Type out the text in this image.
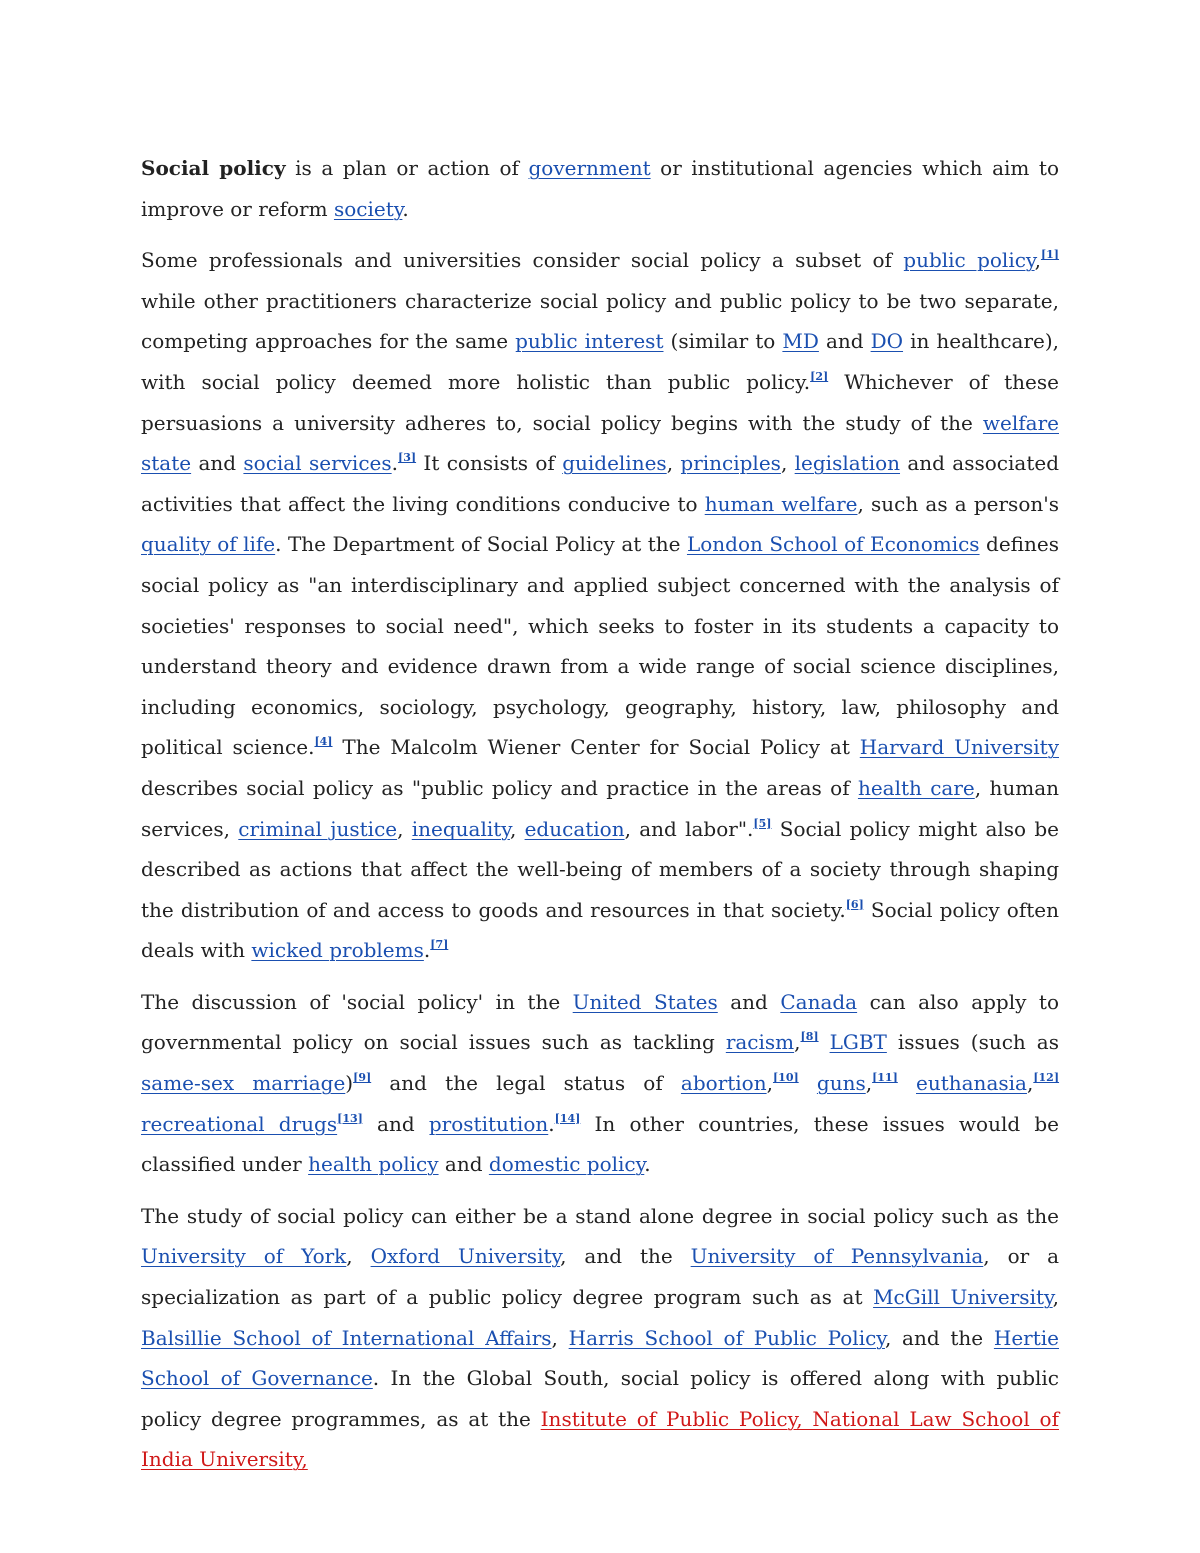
Social policy is a plan or action of government or institutional agencies which aim to improve or reform society.

Some professionals and universities consider social policy a subset of public policy,[1] while other practitioners characterize social policy and public policy to be two separate, competing approaches for the same public interest (similar to MD and DO in healthcare), with social policy deemed more holistic than public policy.[2] Whichever of these persuasions a university adheres to, social policy begins with the study of the welfare state and social services.[3] It consists of guidelines, principles, legislation and associated activities that affect the living conditions conducive to human welfare, such as a person's quality of life. The Department of Social Policy at the London School of Economics defines social policy as "an interdisciplinary and applied subject concerned with the analysis of societies' responses to social need", which seeks to foster in its students a capacity to understand theory and evidence drawn from a wide range of social science disciplines, including economics, sociology, psychology, geography, history, law, philosophy and political science.[4] The Malcolm Wiener Center for Social Policy at Harvard University describes social policy as "public policy and practice in the areas of health care, human services, criminal justice, inequality, education, and labor".[5] Social policy might also be described as actions that affect the well-being of members of a society through shaping the distribution of and access to goods and resources in that society.[6] Social policy often deals with wicked problems.[7]

The discussion of 'social policy' in the United States and Canada can also apply to governmental policy on social issues such as tackling racism,[8] LGBT issues (such as same-sex marriage)[9] and the legal status of abortion,[10] guns,[11] euthanasia,[12] recreational drugs[13] and prostitution.[14] In other countries, these issues would be classified under health policy and domestic policy.

The study of social policy can either be a stand alone degree in social policy such as the University of York, Oxford University, and the University of Pennsylvania, or a specialization as part of a public policy degree program such as at McGill University, Balsillie School of International Affairs, Harris School of Public Policy, and the Hertie School of Governance. In the Global South, social policy is offered along with public policy degree programmes, as at the Institute of Public Policy, National Law School of India University,
